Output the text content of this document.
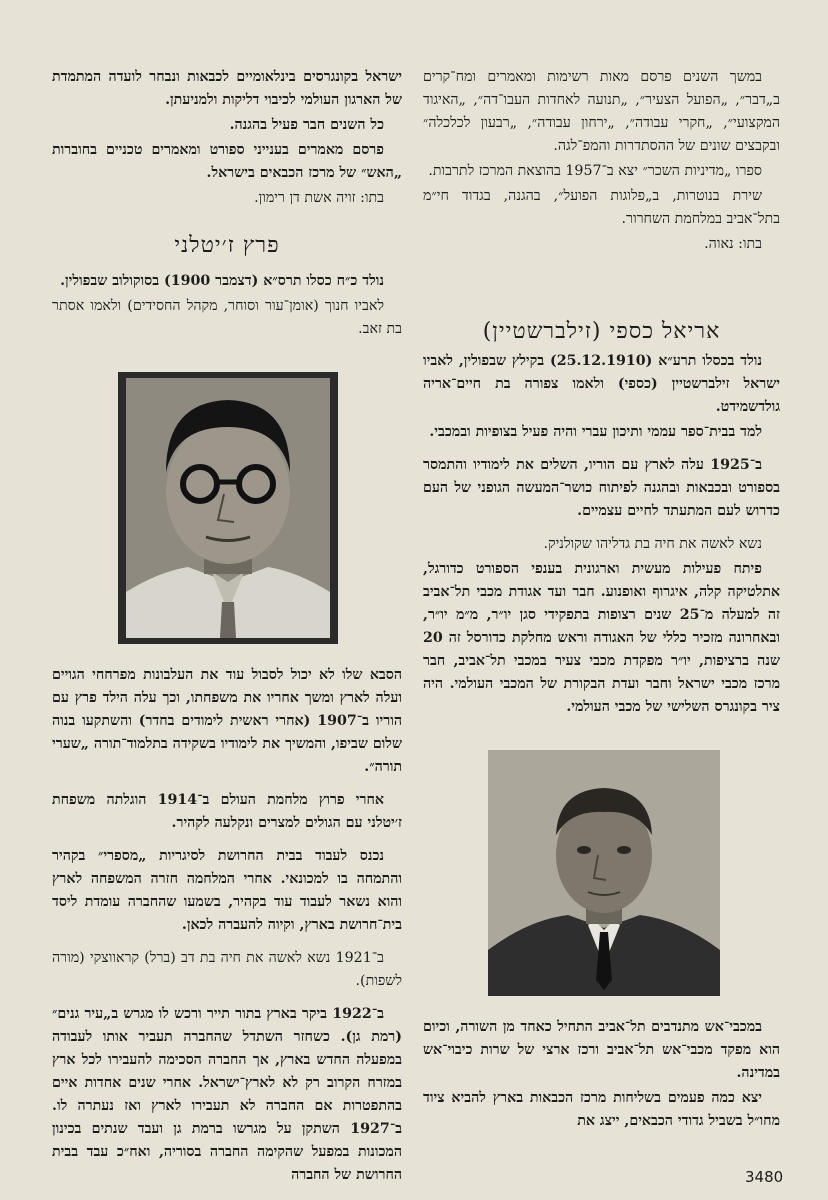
במשך השנים פרסם מאות רשימות ומאמרים ומח־קרים ב„דבר״, „הפועל הצעיר״, „תנועה לאחדות העבו־דה״, „האיגוד המקצועי״, „חקרי עבודה״, „ירחון עבודה״, „רבעון לכלכלה״ ובקבצים שונים של ההסתדרות והמפ־לגה.

ספרו „מדיניות השכר״ יצא ב־1957 בהוצאת המרכז לתרבות.

שירת בנוטרות, ב„פלוגות הפועל״, בהגנה, בגדוד חי״מ בתל־אביב במלחמת השחרור.

בתו: נאוה.

אריאל כספי (זילברשטיין)

נולד בכסלו תרע״א (25.12.1910) בקילץ שבפולין, לאביו ישראל זילברשטיין (כספי) ולאמו צפורה בת חיים־אריה גולדשמידט.

למד בבית־ספר עממי ותיכון עברי והיה פעיל בצופיות ובמכבי.

ב־1925 עלה לארץ עם הוריו, השלים את לימודיו והתמסר בספורט ובכבאות ובהגנה לפיתוח כושר־המעשה הגופני של העם כדרוש לעם המתעתד לחיים עצמיים.

נשא לאשה את חיה בת גדליהו שקולניק.

פיתח פעילות מעשית וארגונית בענפי הספורט כדורגל, אתלטיקה קלה, איגרוף ואופנוע. חבר ועד אגודת מכבי תל־אביב זה למעלה מ־25 שנים רצופות בתפקידי סגן יו״ר, מ״מ יו״ר, ובאחרונה מזכיר כללי של האגודה וראש מחלקת כדורסל זה 20 שנה ברציפות, יו״ר מפקדת מכבי צעיר במכבי תל־אביב, חבר מרכז מכבי ישראל וחבר ועדת הבקורת של המכבי העולמי. היה ציר בקונגרס השלישי של מכבי העולמי.

במכבי־אש מתנדבים תל־אביב התחיל כאחד מן השורה, וכיום הוא מפקד מכבי־אש תל־אביב ורכז ארצי של שרות כיבוי־אש במדינה.

יצא כמה פעמים בשליחות מרכז הכבאות בארץ להביא ציוד מחו״ל בשביל גדודי הכבאים, ייצג את

ישראל בקונגרסים בינלאומיים לכבאות ונבחר לועדה המתמדת של הארגון העולמי לכיבוי דליקות ולמניעתן.

כל השנים חבר פעיל בהגנה.

פרסם מאמרים בענייני ספורט ומאמרים טכניים בחוברות „האש״ של מרכז הכבאים בישראל.

בתו: זויה אשת דן רימון.

פרץ ז׳יטלני

נולד כ״ח כסלו תרס״א (דצמבר 1900) בסוקולוב שבפולין.

לאביו חנוך (אומן־עור וסוחר, מקהל החסידים) ולאמו אסתר בת זאב.

הסבא שלו לא יכול לסבול עוד את העלבונות מפרחחי הגויים ועלה לארץ ומשך אחריו את משפחתו, וכך עלה הילד פרץ עם הוריו ב־1907 (אחרי ראשית לימודים בחדר) והשתקעו בנוה שלום שביפו, והמשיך את לימודיו בשקידה בתלמוד־תורה „שערי תורה״.

אחרי פרוץ מלחמת העולם ב־1914 הוגלתה משפחת ז׳יטלני עם הגולים למצרים ונקלעה לקהיר.

נכנס לעבוד בבית החרושת לסיגריות „מספרי״ בקהיר והתמחה בו למכונאי. אחרי המלחמה חזרה המשפחה לארץ והוא נשאר לעבוד עוד בקהיר, בשמעו שהחברה עומדת ליסד בית־חרושת בארץ, וקיוה להעברה לכאן.

ב־1921 נשא לאשה את חיה בת דב (ברל) קראווצקי (מורה לשפות).

ב־1922 ביקר בארץ בתור תייר ורכש לו מגרש ב„עיר גנים״ (רמת גן). כשחזר השתדל שהחברה תעביר אותו לעבודה במפעלה החדש בארץ, אך החברה הסכימה להעבירו לכל ארץ במזרח הקרוב רק לא לארץ־ישראל. אחרי שנים אחדות איים בהתפטרות אם החברה לא תעבירו לארץ ואז נעתרה לו. ב־1927 השתקן על מגרשו ברמת גן ועבד שנתים בכינון המכונות במפעל שהקימה החברה בסוריה, ואח״כ עבד בבית החרושת של החברה	3480
